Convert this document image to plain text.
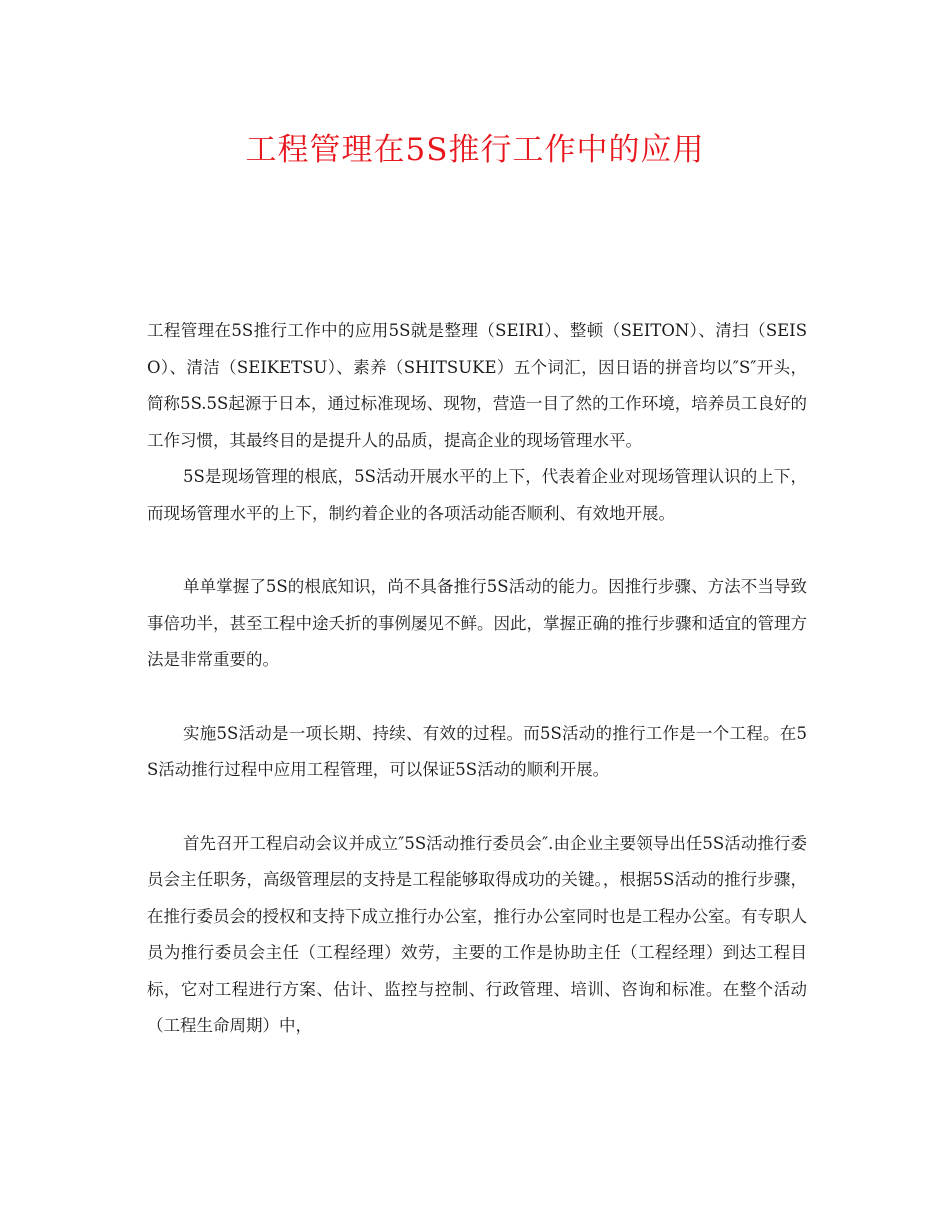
工程管理在5S推行工作中的应用

工程管理在5S推行工作中的应用5S就是整理（SEIRI）、整顿（SEITON）、清扫（SEISO）、清洁（SEIKETSU）、素养（SHITSUKE）五个词汇，因日语的拼音均以″S″开头，简称5S.5S起源于日本，通过标准现场、现物，营造一目了然的工作环境，培养员工良好的工作习惯，其最终目的是提升人的品质，提高企业的现场管理水平。

5S是现场管理的根底，5S活动开展水平的上下，代表着企业对现场管理认识的上下，而现场管理水平的上下，制约着企业的各项活动能否顺利、有效地开展。

单单掌握了5S的根底知识，尚不具备推行5S活动的能力。因推行步骤、方法不当导致事倍功半，甚至工程中途夭折的事例屡见不鲜。因此，掌握正确的推行步骤和适宜的管理方法是非常重要的。

实施5S活动是一项长期、持续、有效的过程。而5S活动的推行工作是一个工程。在5S活动推行过程中应用工程管理，可以保证5S活动的顺利开展。

首先召开工程启动会议并成立″5S活动推行委员会″.由企业主要领导出任5S活动推行委员会主任职务，高级管理层的支持是工程能够取得成功的关键。，根据5S活动的推行步骤，在推行委员会的授权和支持下成立推行办公室，推行办公室同时也是工程办公室。有专职人员为推行委员会主任（工程经理）效劳，主要的工作是协助主任（工程经理）到达工程目标，它对工程进行方案、估计、监控与控制、行政管理、培训、咨询和标准。在整个活动（工程生命周期）中，
